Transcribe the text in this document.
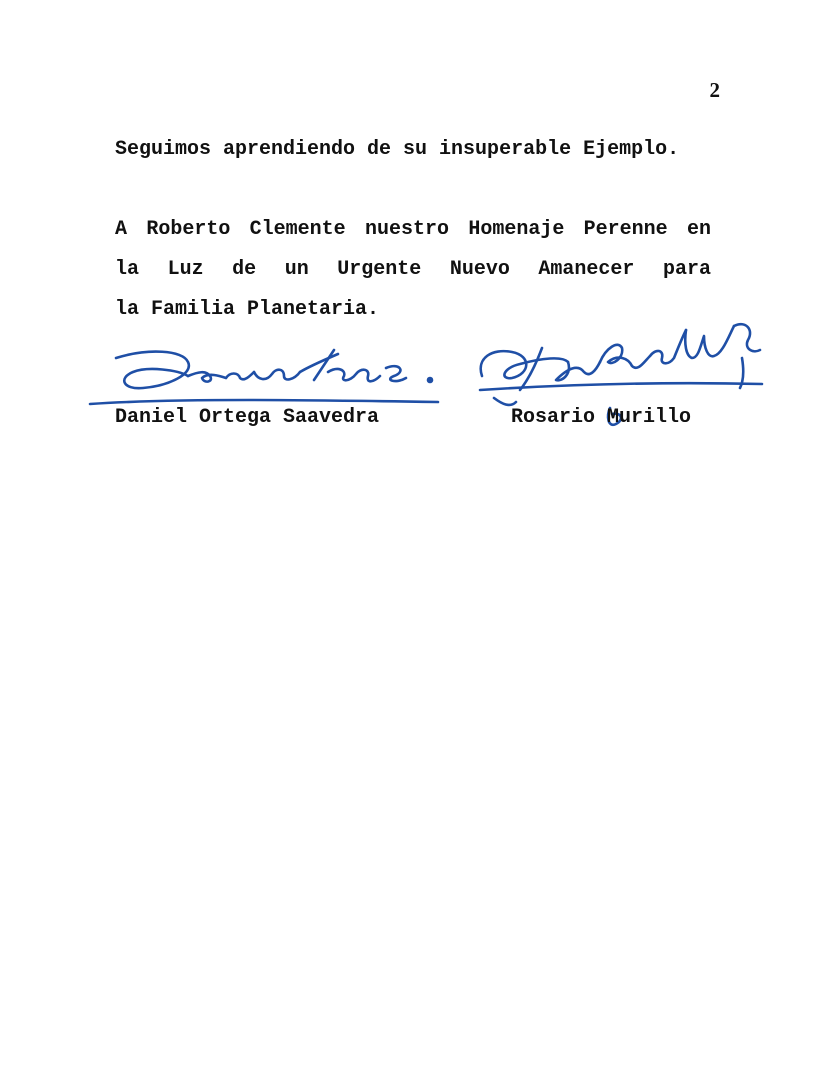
2
Seguimos aprendiendo de su insuperable Ejemplo.
A Roberto Clemente nuestro Homenaje Perenne en
la Luz de un Urgente Nuevo Amanecer para
la Familia Planetaria.
Daniel Ortega Saavedra	Rosario Murillo
